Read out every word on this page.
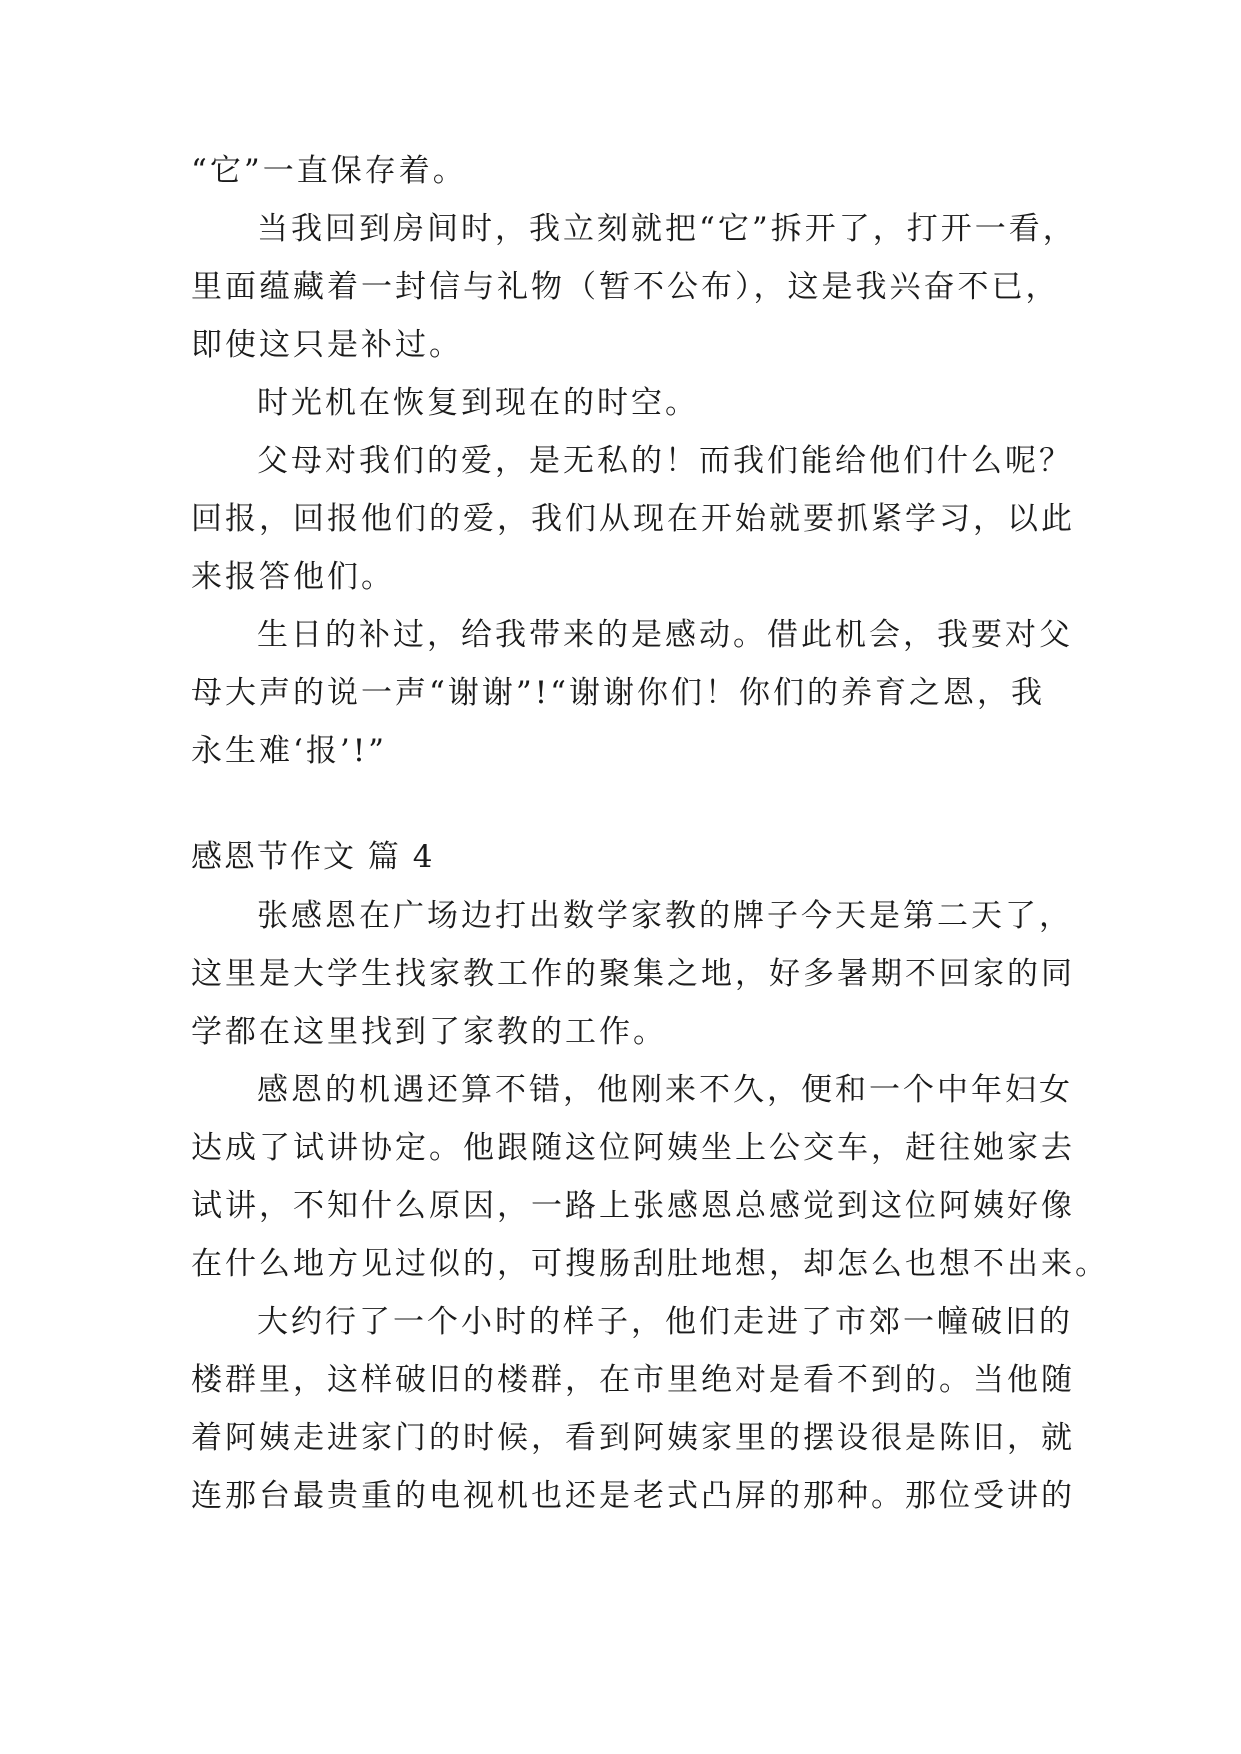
“它”一直保存着。
当我回到房间时，我立刻就把“它”拆开了，打开一看，
里面蕴藏着一封信与礼物（暂不公布），这是我兴奋不已，
即使这只是补过。
时光机在恢复到现在的时空。
父母对我们的爱，是无私的！而我们能给他们什么呢？
回报，回报他们的爱，我们从现在开始就要抓紧学习，以此
来报答他们。
生日的补过，给我带来的是感动。借此机会，我要对父
母大声的说一声“谢谢”!“谢谢你们！你们的养育之恩，我
永生难‘报’!”
感恩节作文 篇 4
张感恩在广场边打出数学家教的牌子今天是第二天了，
这里是大学生找家教工作的聚集之地，好多暑期不回家的同
学都在这里找到了家教的工作。
感恩的机遇还算不错，他刚来不久，便和一个中年妇女
达成了试讲协定。他跟随这位阿姨坐上公交车，赶往她家去
试讲，不知什么原因，一路上张感恩总感觉到这位阿姨好像
在什么地方见过似的，可搜肠刮肚地想，却怎么也想不出来。
大约行了一个小时的样子，他们走进了市郊一幢破旧的
楼群里，这样破旧的楼群，在市里绝对是看不到的。当他随
着阿姨走进家门的时候，看到阿姨家里的摆设很是陈旧，就
连那台最贵重的电视机也还是老式凸屏的那种。那位受讲的
